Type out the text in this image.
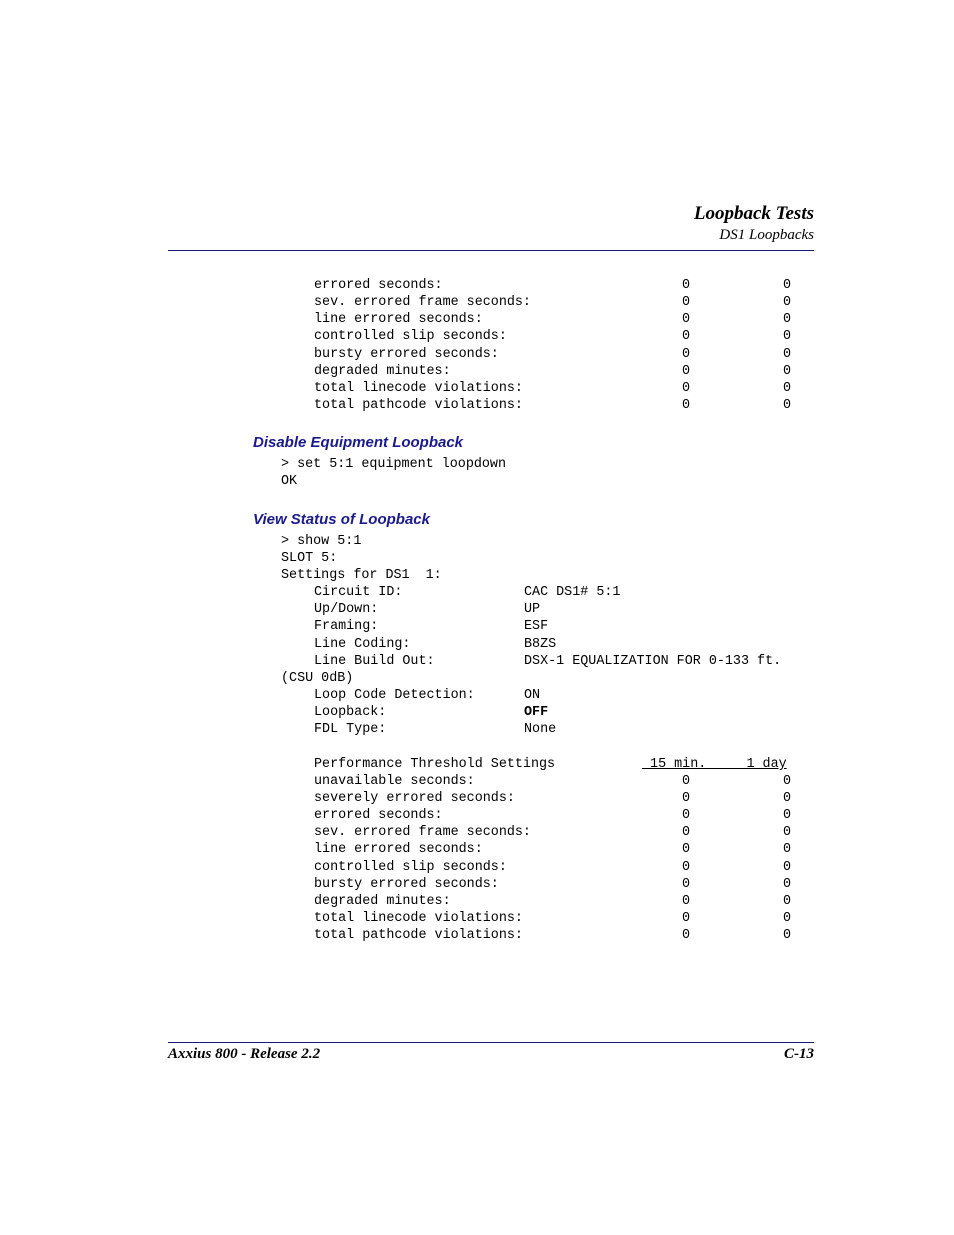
Loopback Tests
DS1 Loopbacks
errored seconds:	0	0
sev. errored frame seconds:	0	0
line errored seconds:	0	0
controlled slip seconds:	0	0
bursty errored seconds:	0	0
degraded minutes:	0	0
total linecode violations:	0	0
total pathcode violations:	0	0
Disable Equipment Loopback
> set 5:1 equipment loopdown
OK
View Status of Loopback
> show 5:1
SLOT 5:
Settings for DS1  1:
Circuit ID:	CAC DS1# 5:1
Up/Down:	UP
Framing:	ESF
Line Coding:	B8ZS
Line Build Out:	DSX-1 EQUALIZATION FOR 0-133 ft.
(CSU 0dB)
Loop Code Detection:	ON
Loopback:	OFF
FDL Type:	None
Performance Threshold Settings	15 min.     1 day
unavailable seconds:	0	0
severely errored seconds:	0	0
errored seconds:	0	0
sev. errored frame seconds:	0	0
line errored seconds:	0	0
controlled slip seconds:	0	0
bursty errored seconds:	0	0
degraded minutes:	0	0
total linecode violations:	0	0
total pathcode violations:	0	0
Axxius 800 - Release 2.2	C-13
